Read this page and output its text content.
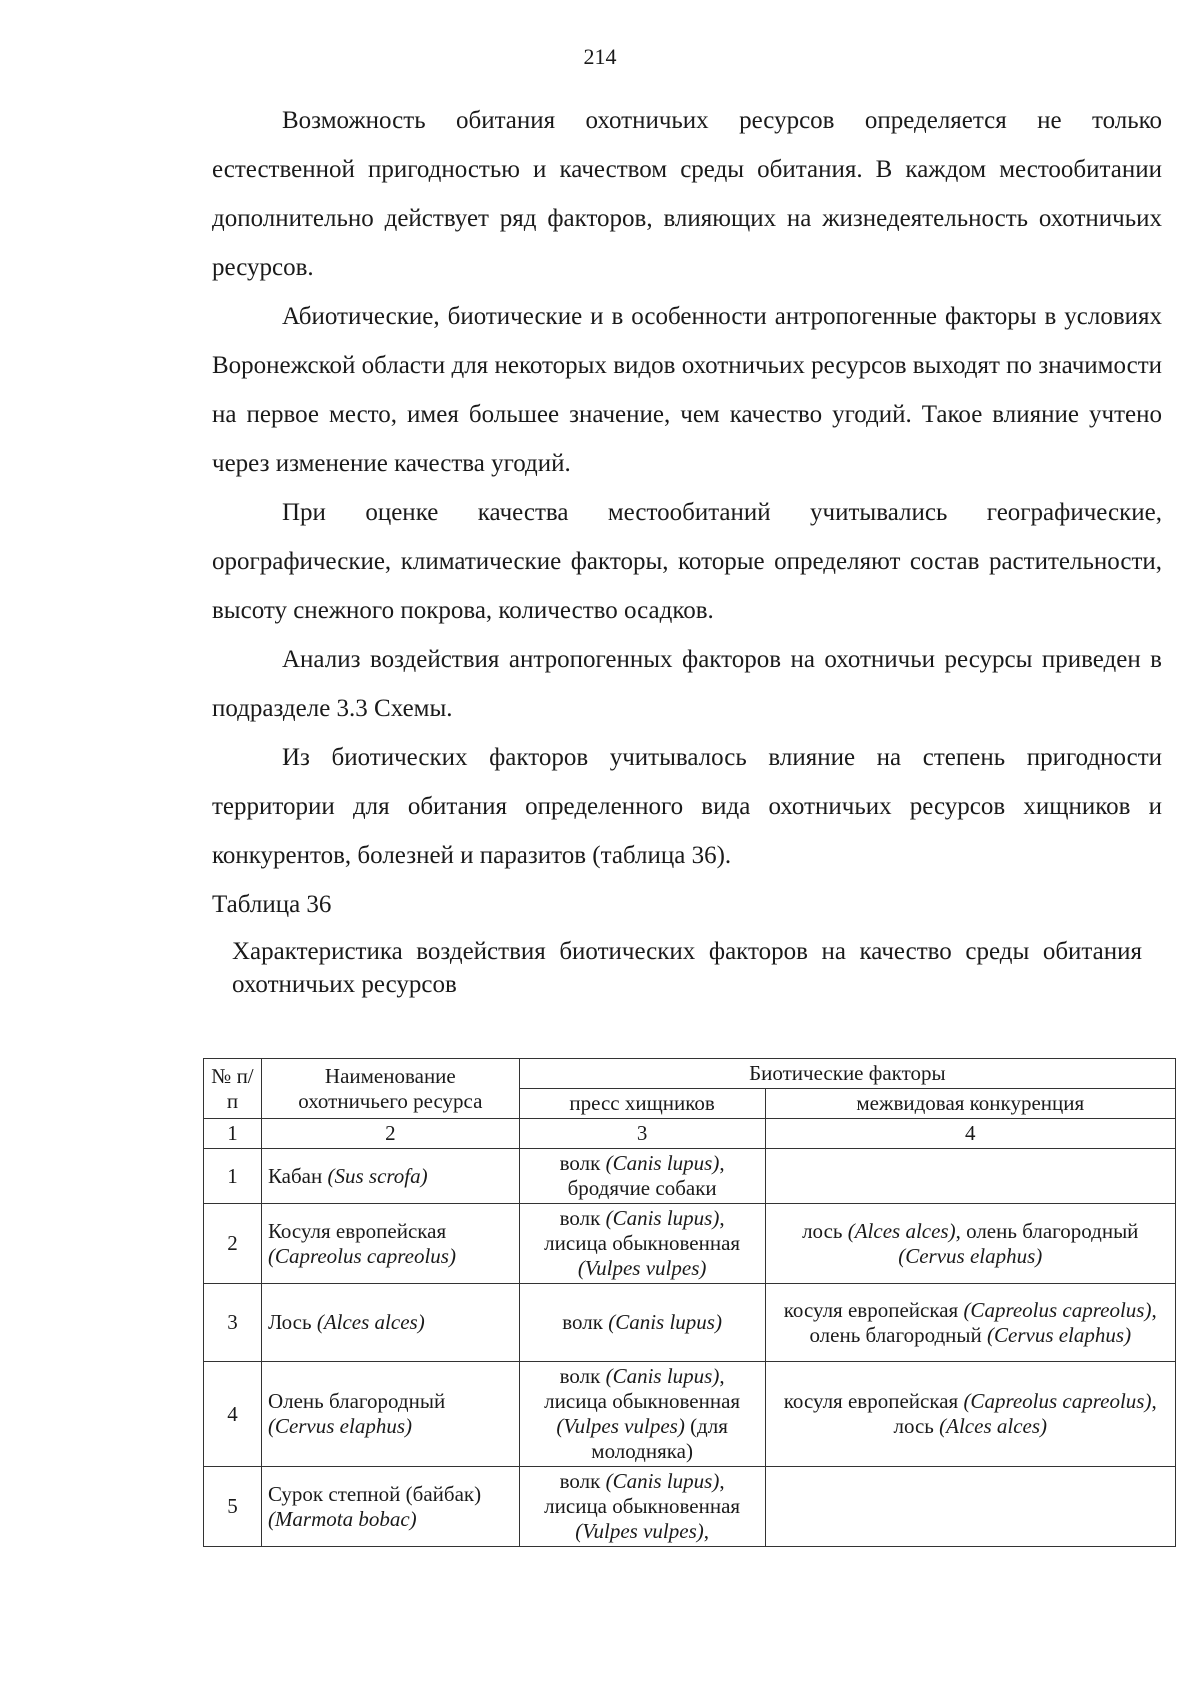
214

Возможность обитания охотничьих ресурсов определяется не только естественной пригодностью и качеством среды обитания. В каждом местообитании дополнительно действует ряд факторов, влияющих на жизнедеятельность охотничьих ресурсов.

Абиотические, биотические и в особенности антропогенные факторы в условиях Воронежской области для некоторых видов охотничьих ресурсов выходят по значимости на первое место, имея большее значение, чем качество угодий. Такое влияние учтено через изменение качества угодий.

При оценке качества местообитаний учитывались географические, орографические, климатические факторы, которые определяют состав растительности, высоту снежного покрова, количество осадков.

Анализ воздействия антропогенных факторов на охотничьи ресурсы приведен в подразделе 3.3 Схемы.

Из биотических факторов учитывалось влияние на степень пригодности территории для обитания определенного вида охотничьих ресурсов хищников и конкурентов, болезней и паразитов (таблица 36).

Таблица 36

Характеристика воздействия биотических факторов на качество среды обитания охотничьих ресурсов

№ п/п	Наименование охотничьего ресурса	Биотические факторы	
		пресс хищников	межвидовая конкуренция
1	2	3	4
1	Кабан (Sus scrofa)	волк (Canis lupus), бродячие собаки	
2	Косуля европейская (Capreolus capreolus)	волк (Canis lupus), лисица обыкновенная (Vulpes vulpes)	лось (Alces alces), олень благородный (Cervus elaphus)
3	Лось (Alces alces)	волк (Canis lupus)	косуля европейская (Capreolus capreolus), олень благородный (Cervus elaphus)
4	Олень благородный (Cervus elaphus)	волк (Canis lupus), лисица обыкновенная (Vulpes vulpes) (для молодняка)	косуля европейская (Capreolus capreolus), лось (Alces alces)
5	Сурок степной (байбак) (Marmota bobac)	волк (Canis lupus), лисица обыкновенная (Vulpes vulpes),	
